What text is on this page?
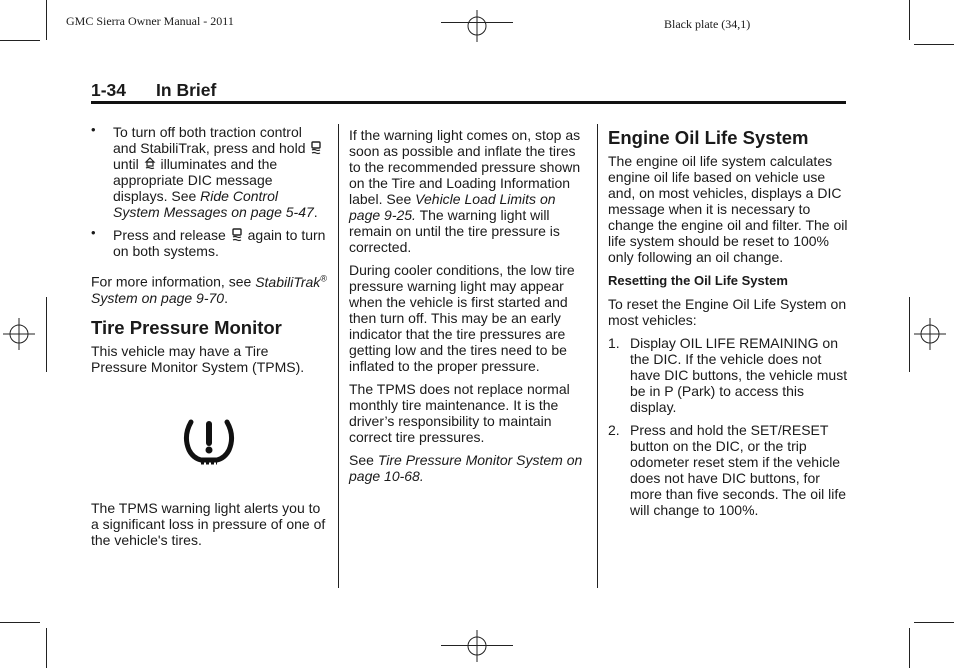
GMC Sierra Owner Manual - 2011	Black plate (34,1)
1-34 In Brief
• To turn off both traction control and StabiliTrak, press and hold  until illuminates and the appropriate DIC message displays. See Ride Control System Messages on page 5-47.
• Press and release again to turn on both systems.

For more information, see StabiliTrak® System on page 9-70.

Tire Pressure Monitor

This vehicle may have a Tire Pressure Monitor System (TPMS).

The TPMS warning light alerts you to a significant loss in pressure of one of the vehicle's tires.

If the warning light comes on, stop as soon as possible and inflate the tires to the recommended pressure shown on the Tire and Loading Information label. See Vehicle Load Limits on page 9-25. The warning light will remain on until the tire pressure is corrected.

During cooler conditions, the low tire pressure warning light may appear when the vehicle is first started and then turn off. This may be an early indicator that the tire pressures are getting low and the tires need to be inflated to the proper pressure.

The TPMS does not replace normal monthly tire maintenance. It is the driver’s responsibility to maintain correct tire pressures.

See Tire Pressure Monitor System on page 10-68.

Engine Oil Life System

The engine oil life system calculates engine oil life based on vehicle use and, on most vehicles, displays a DIC message when it is necessary to change the engine oil and filter. The oil life system should be reset to 100% only following an oil change.

Resetting the Oil Life System

To reset the Engine Oil Life System on most vehicles:

1. Display OIL LIFE REMAINING on the DIC. If the vehicle does not have DIC buttons, the vehicle must be in P (Park) to access this display.
2. Press and hold the SET/RESET button on the DIC, or the trip odometer reset stem if the vehicle does not have DIC buttons, for more than five seconds. The oil life will change to 100%.
